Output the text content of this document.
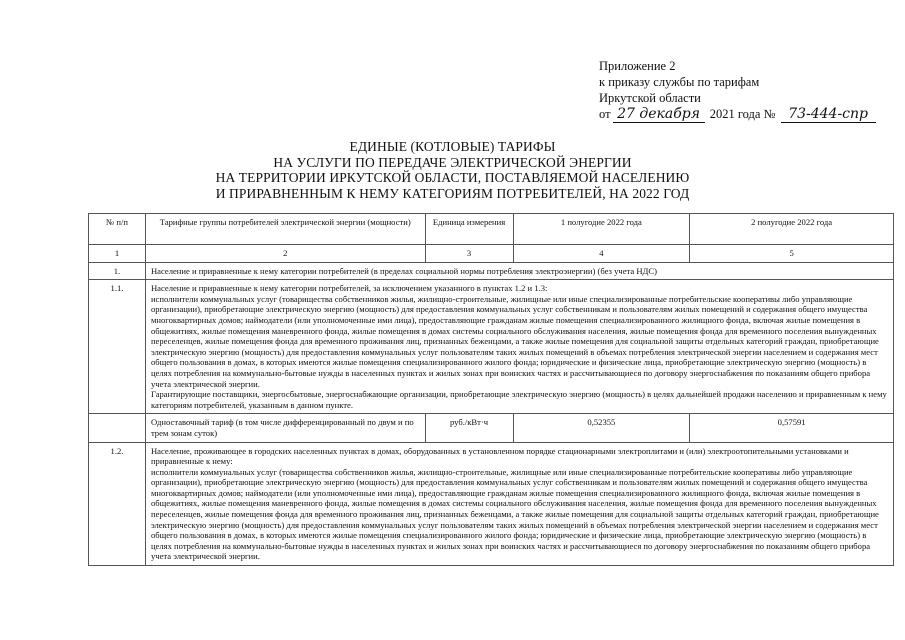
Приложение 2
к приказу службы по тарифам
Иркутской области
от 27 декабря 2021 года № 73-444-спр
ЕДИНЫЕ (КОТЛОВЫЕ) ТАРИФЫ
НА УСЛУГИ ПО ПЕРЕДАЧЕ ЭЛЕКТРИЧЕСКОЙ ЭНЕРГИИ
НА ТЕРРИТОРИИ ИРКУТСКОЙ ОБЛАСТИ, ПОСТАВЛЯЕМОЙ НАСЕЛЕНИЮ
И ПРИРАВНЕННЫМ К НЕМУ КАТЕГОРИЯМ ПОТРЕБИТЕЛЕЙ, НА 2022 ГОД
№ п/п	Тарифные группы потребителей электрической энергии (мощности)	Единица измерения	1 полугодие 2022 года	2 полугодие 2022 года
1	2	3	4	5
1.	Население и приравненные к нему категории потребителей (в пределах социальной нормы потребления электроэнергии) (без учета НДС)			
1.1.	Население и приравненные к нему категории потребителей, за исключением указанного в пунктах 1.2 и 1.3:

исполнители коммунальных услуг (товарищества собственников жилья, жилищно-строительные, жилищные или иные специализированные потребительские кооперативы либо управляющие организации), приобретающие электрическую энергию (мощность) для предоставления коммунальных услуг собственникам и пользователям жилых помещений и содержания общего имущества многоквартирных домов; наймодатели (или уполномоченные ими лица), предоставляющие гражданам жилые помещения специализированного жилищного фонда, включая жилые помещения в общежитиях, жилые помещения маневренного фонда, жилые помещения в домах системы социального обслуживания населения, жилые помещения фонда для временного поселения вынужденных переселенцев, жилые помещения фонда для временного проживания лиц, признанных беженцами, а также жилые помещения для социальной защиты отдельных категорий граждан, приобретающие электрическую энергию (мощность) для предоставления коммунальных услуг пользователям таких жилых помещений в объемах потребления электрической энергии населением и содержания мест общего пользования в домах, в которых имеются жилые помещения специализированного жилого фонда; юридические и физические лица, приобретающие электрическую энергию (мощность) в целях потребления на коммунально-бытовые нужды в населенных пунктах и жилых зонах при воинских частях и рассчитывающиеся по договору энергоснабжения по показаниям общего прибора учета электрической энергии.

Гарантирующие поставщики, энергосбытовые, энергоснабжающие организации, приобретающие электрическую энергию (мощность) в целях дальнейшей продажи населению и приравненным к нему категориям потребителей, указанным в данном пункте.			

	Одноставочный тариф (в том числе дифференцированный по двум и по трем зонам суток)	руб./кВт·ч	0,52355	0,57591
1.2.	Население, проживающее в городских населенных пунктах в домах, оборудованных в установленном порядке стационарными электроплитами и (или) электроотопительными установками и приравненные к нему:

исполнители коммунальных услуг (товарищества собственников жилья, жилищно-строительные, жилищные или иные специализированные потребительские кооперативы либо управляющие организации), приобретающие электрическую энергию (мощность) для предоставления коммунальных услуг собственникам и пользователям жилых помещений и содержания общего имущества многоквартирных домов; наймодатели (или уполномоченные ими лица), предоставляющие гражданам жилые помещения специализированного жилищного фонда, включая жилые помещения в общежитиях, жилые помещения маневренного фонда, жилые помещения в домах системы социального обслуживания населения, жилые помещения фонда для временного поселения вынужденных переселенцев, жилые помещения фонда для временного проживания лиц, признанных беженцами, а также жилые помещения для социальной защиты отдельных категорий граждан, приобретающие электрическую энергию (мощность) для предоставления коммунальных услуг пользователям таких жилых помещений в объемах потребления электрической энергии населением и содержания мест общего пользования в домах, в которых имеются жилые помещения специализированного жилого фонда; юридические и физические лица, приобретающие электрическую энергию (мощность) в целях потребления на коммунально-бытовые нужды в населенных пунктах и жилых зонах при воинских частях и рассчитывающиеся по договору энергоснабжения по показаниям общего прибора учета электрической энергии.			
